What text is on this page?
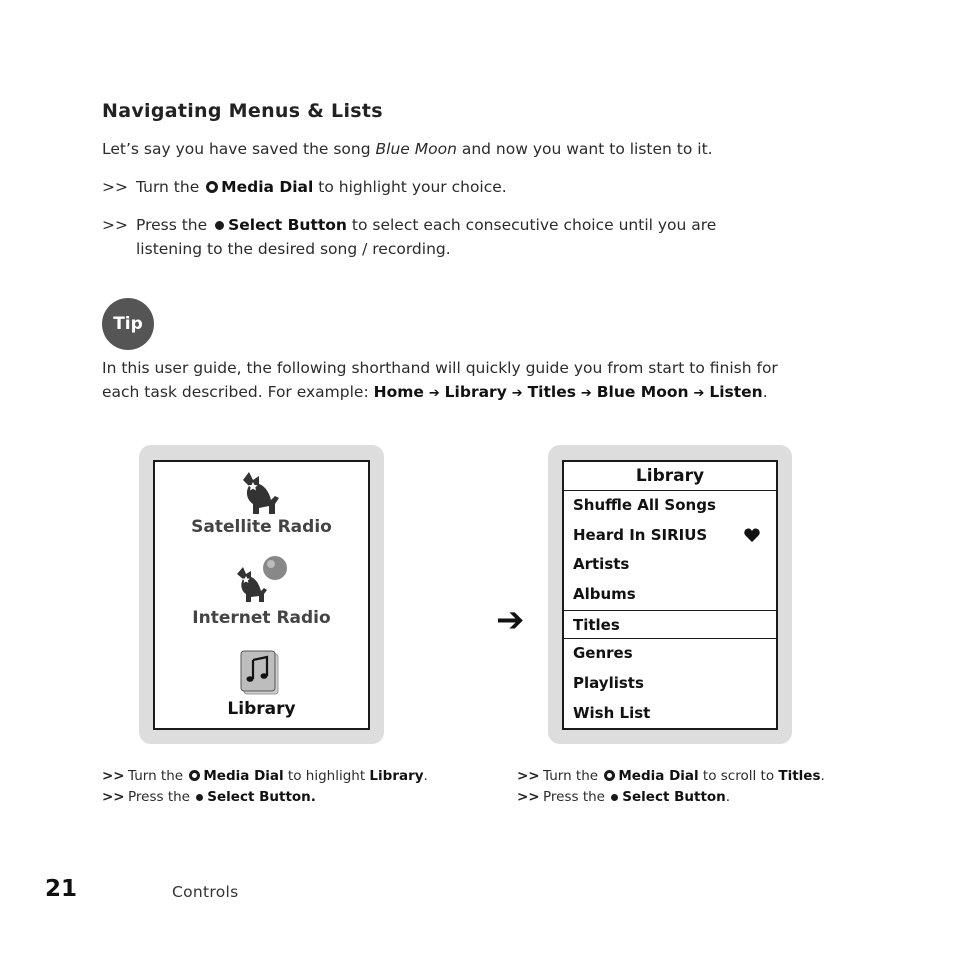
Navigating Menus & Lists
Let’s say you have saved the song Blue Moon and now you want to listen to it.
>> Turn the Media Dial to highlight your choice.
>> Press the Select Button to select each consecutive choice until you are
listening to the desired song / recording.
Tip
In this user guide, the following shorthand will quickly guide you from start to finish for
each task described. For example: Home ➔ Library ➔ Titles ➔ Blue Moon ➔ Listen.
Satellite Radio
Internet Radio
Library
➔
Library
Shuffle All Songs
Heard In SIRIUS
Artists
Albums
Titles
Genres
Playlists
Wish List
>> Turn the Media Dial to highlight Library.
>> Press the Select Button.
>> Turn the Media Dial to scroll to Titles.
>> Press the Select Button.
21	Controls
